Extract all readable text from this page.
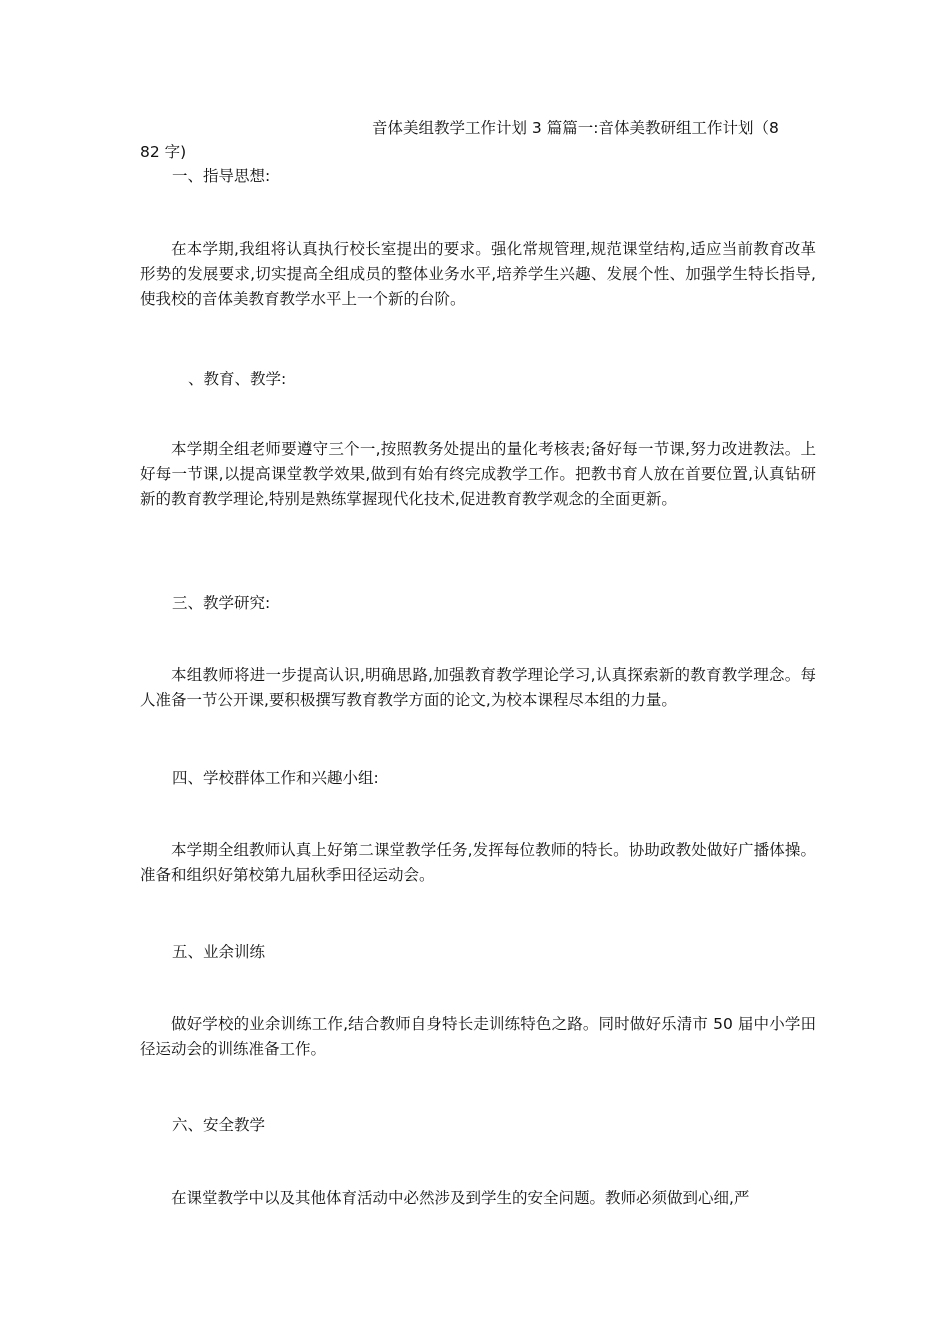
音体美组教学工作计划 3 篇篇一:音体美教研组工作计划（8

82 字)

一、指导思想:

在本学期,我组将认真执行校长室提出的要求。强化常规管理,规范课堂结构,适应当前教育改革形势的发展要求,切实提高全组成员的整体业务水平,培养学生兴趣、发展个性、加强学生特长指导,使我校的音体美教育教学水平上一个新的台阶。

、教育、教学:

本学期全组老师要遵守三个一,按照教务处提出的量化考核表;备好每一节课,努力改进教法。上好每一节课,以提高课堂教学效果,做到有始有终完成教学工作。把教书育人放在首要位置,认真钻研新的教育教学理论,特别是熟练掌握现代化技术,促进教育教学观念的全面更新。

三、教学研究:

本组教师将进一步提高认识,明确思路,加强教育教学理论学习,认真探索新的教育教学理念。每人准备一节公开课,要积极撰写教育教学方面的论文,为校本课程尽本组的力量。

四、学校群体工作和兴趣小组:

本学期全组教师认真上好第二课堂教学任务,发挥每位教师的特长。协助政教处做好广播体操。准备和组织好第校第九届秋季田径运动会。

五、业余训练

做好学校的业余训练工作,结合教师自身特长走训练特色之路。同时做好乐清市 50 届中小学田径运动会的训练准备工作。

六、安全教学

在课堂教学中以及其他体育活动中必然涉及到学生的安全问题。教师必须做到心细,严
